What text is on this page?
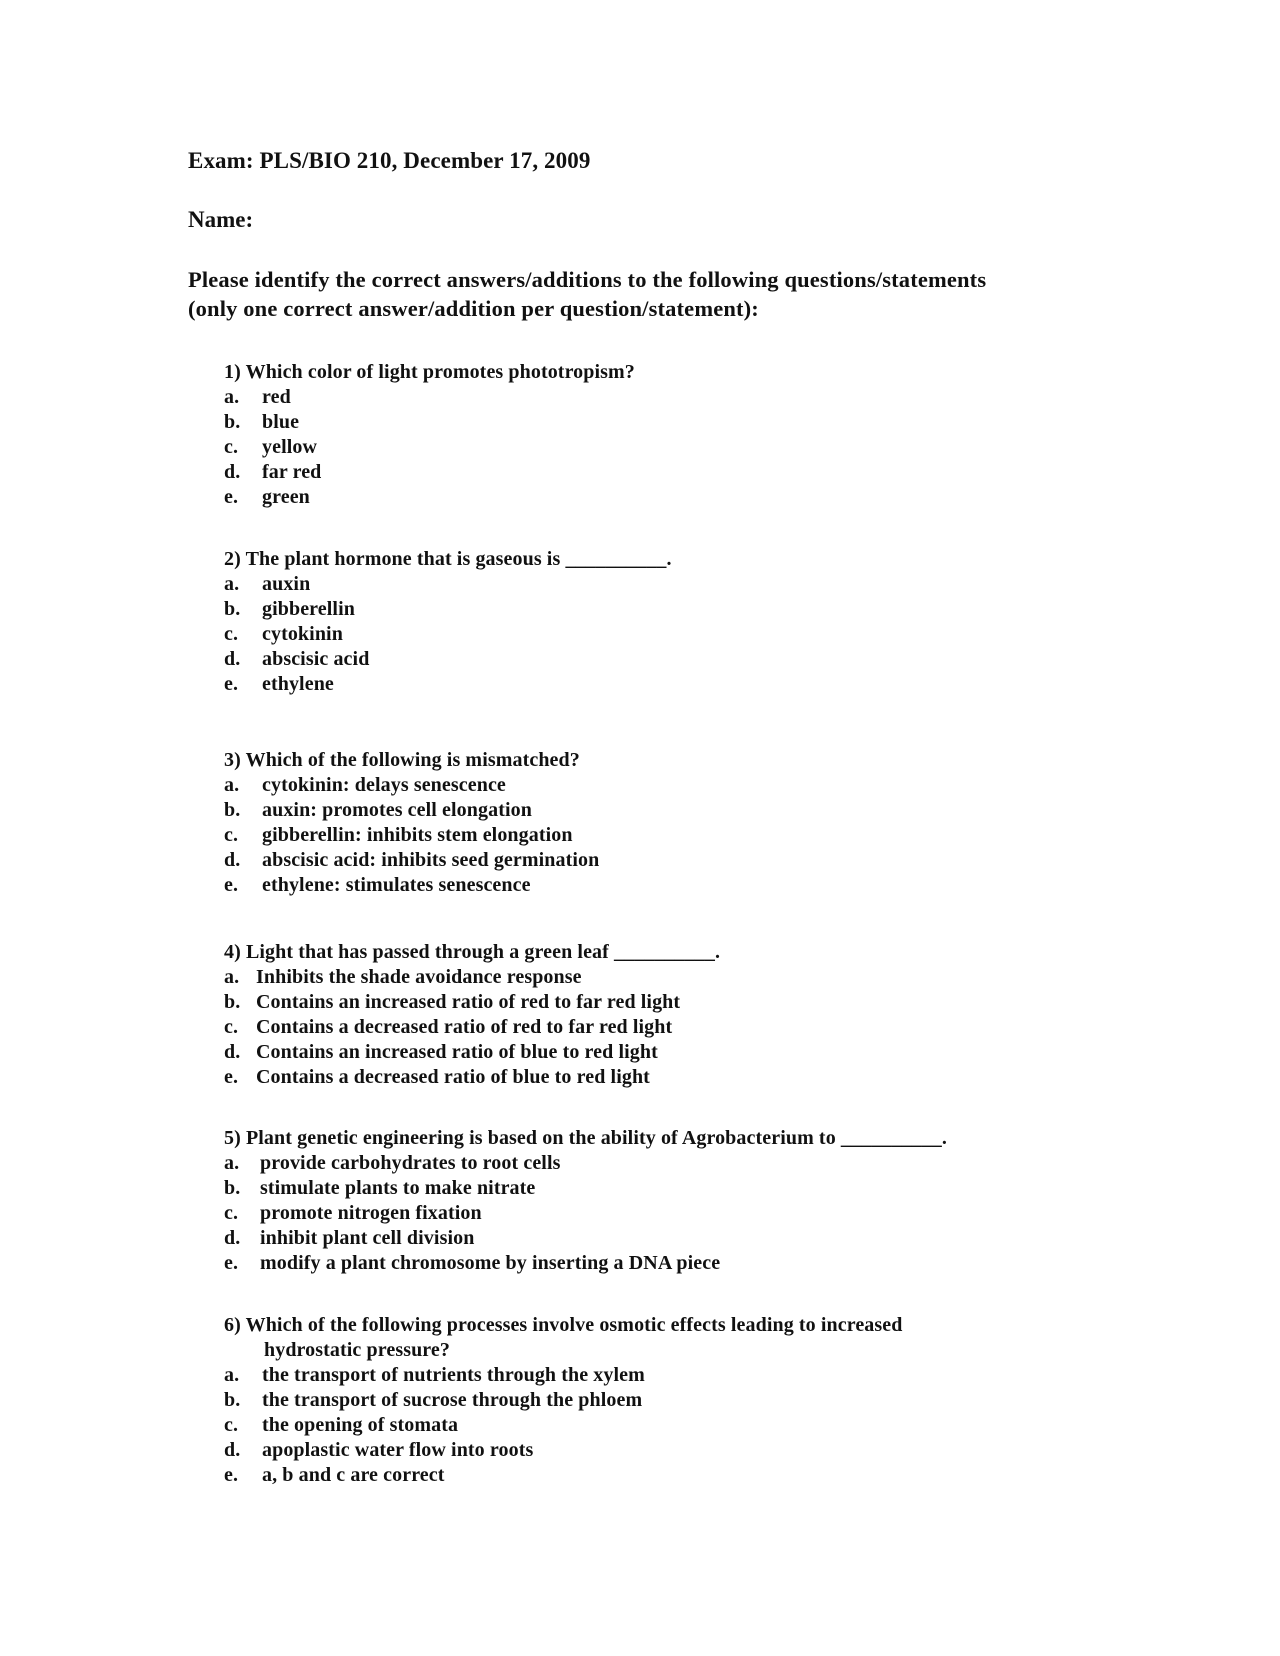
Exam: PLS/BIO 210, December 17, 2009
Name:
Please identify the correct answers/additions to the following questions/statements
(only one correct answer/addition per question/statement):
1) Which color of light promotes phototropism?
a.	red
b.	blue
c.	yellow
d.	far red
e.	green
2) The plant hormone that is gaseous is __________.
a.	auxin
b.	gibberellin
c.	cytokinin
d.	abscisic acid
e.	ethylene
3) Which of the following is mismatched?
a.	cytokinin: delays senescence
b.	auxin: promotes cell elongation
c.	gibberellin: inhibits stem elongation
d.	abscisic acid: inhibits seed germination
e.	ethylene: stimulates senescence
4) Light that has passed through a green leaf __________.
a. Inhibits the shade avoidance response
b. Contains an increased ratio of red to far red light
c. Contains a decreased ratio of red to far red light
d. Contains an increased ratio of blue to red light
e. Contains a decreased ratio of blue to red light
5) Plant genetic engineering is based on the ability of Agrobacterium to __________.
a.	provide carbohydrates to root cells
b. stimulate plants to make nitrate
c.	promote nitrogen fixation
d. inhibit plant cell division
e.	modify a plant chromosome by inserting a DNA piece
6) Which of the following processes involve osmotic effects leading to increased
hydrostatic pressure?
a.	the transport of nutrients through the xylem
b.	the transport of sucrose through the phloem
c.	the opening of stomata
d.	apoplastic water flow into roots
e.	a, b and c are correct
